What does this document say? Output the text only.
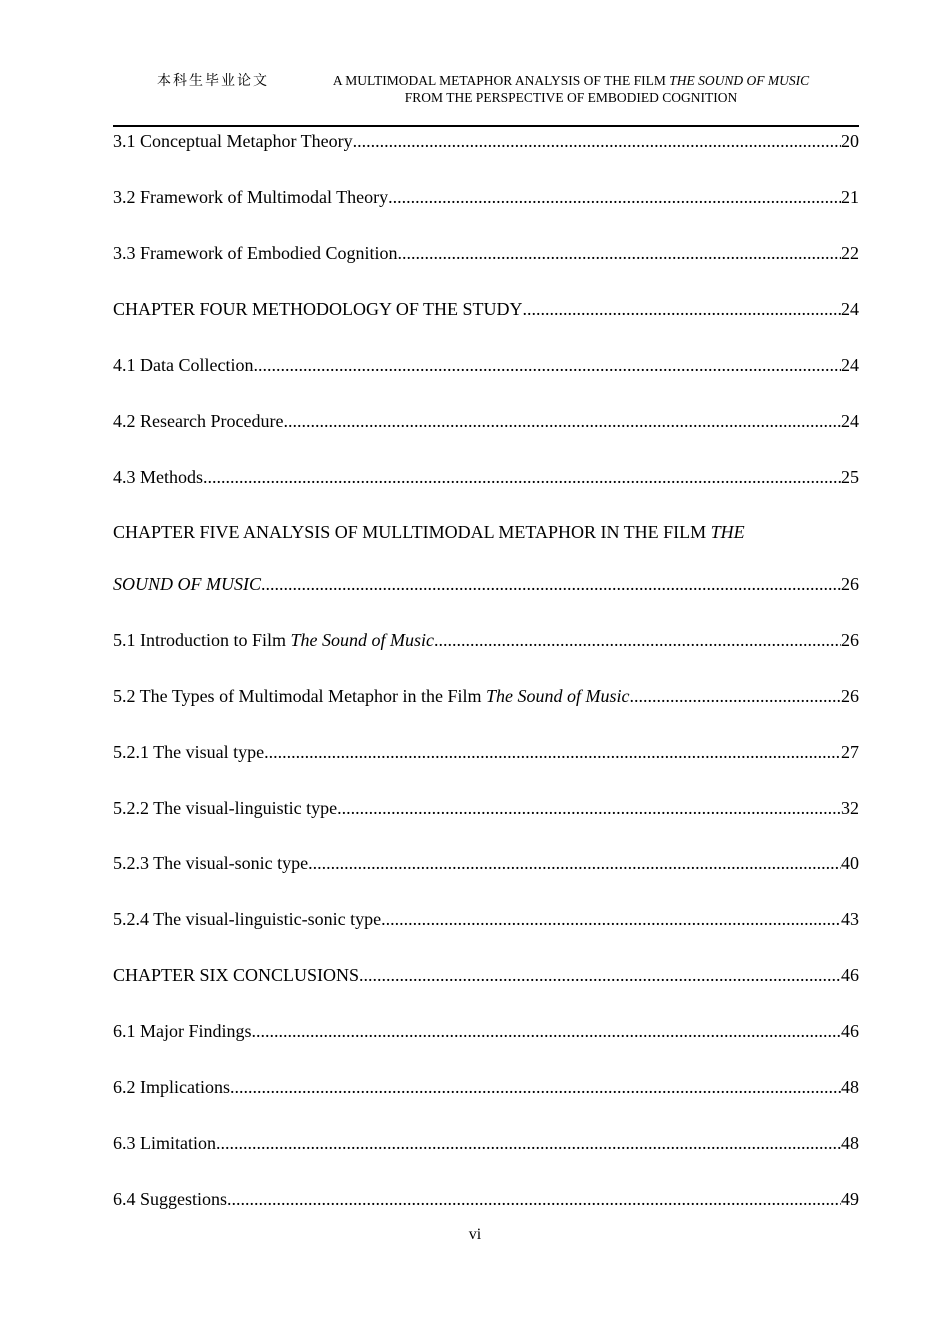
本科生毕业论文	A MULTIMODAL METAPHOR ANALYSIS OF THE FILM THE SOUND OF MUSIC
FROM THE PERSPECTIVE OF EMBODIED COGNITION
3.1 Conceptual Metaphor Theory .....	20
3.2 Framework of Multimodal Theory .....	21
3.3 Framework of Embodied Cognition .....	22
CHAPTER FOUR METHODOLOGY OF THE STUDY .....	24
4.1 Data Collection .....	24
4.2 Research Procedure .....	24
4.3 Methods .....	25
CHAPTER FIVE ANALYSIS OF MULLTIMODAL METAPHOR IN THE FILM THE
SOUND OF MUSIC .....	26
5.1 Introduction to Film The Sound of Music .....	26
5.2 The Types of Multimodal Metaphor in the Film The Sound of Music .....	26
5.2.1 The visual type .....	27
5.2.2 The visual-linguistic type .....	32
5.2.3 The visual-sonic type .....	40
5.2.4 The visual-linguistic-sonic type .....	43
CHAPTER SIX CONCLUSIONS .....	46
6.1 Major Findings .....	46
6.2 Implications .....	48
6.3 Limitation .....	48
6.4 Suggestions .....	49
vi
